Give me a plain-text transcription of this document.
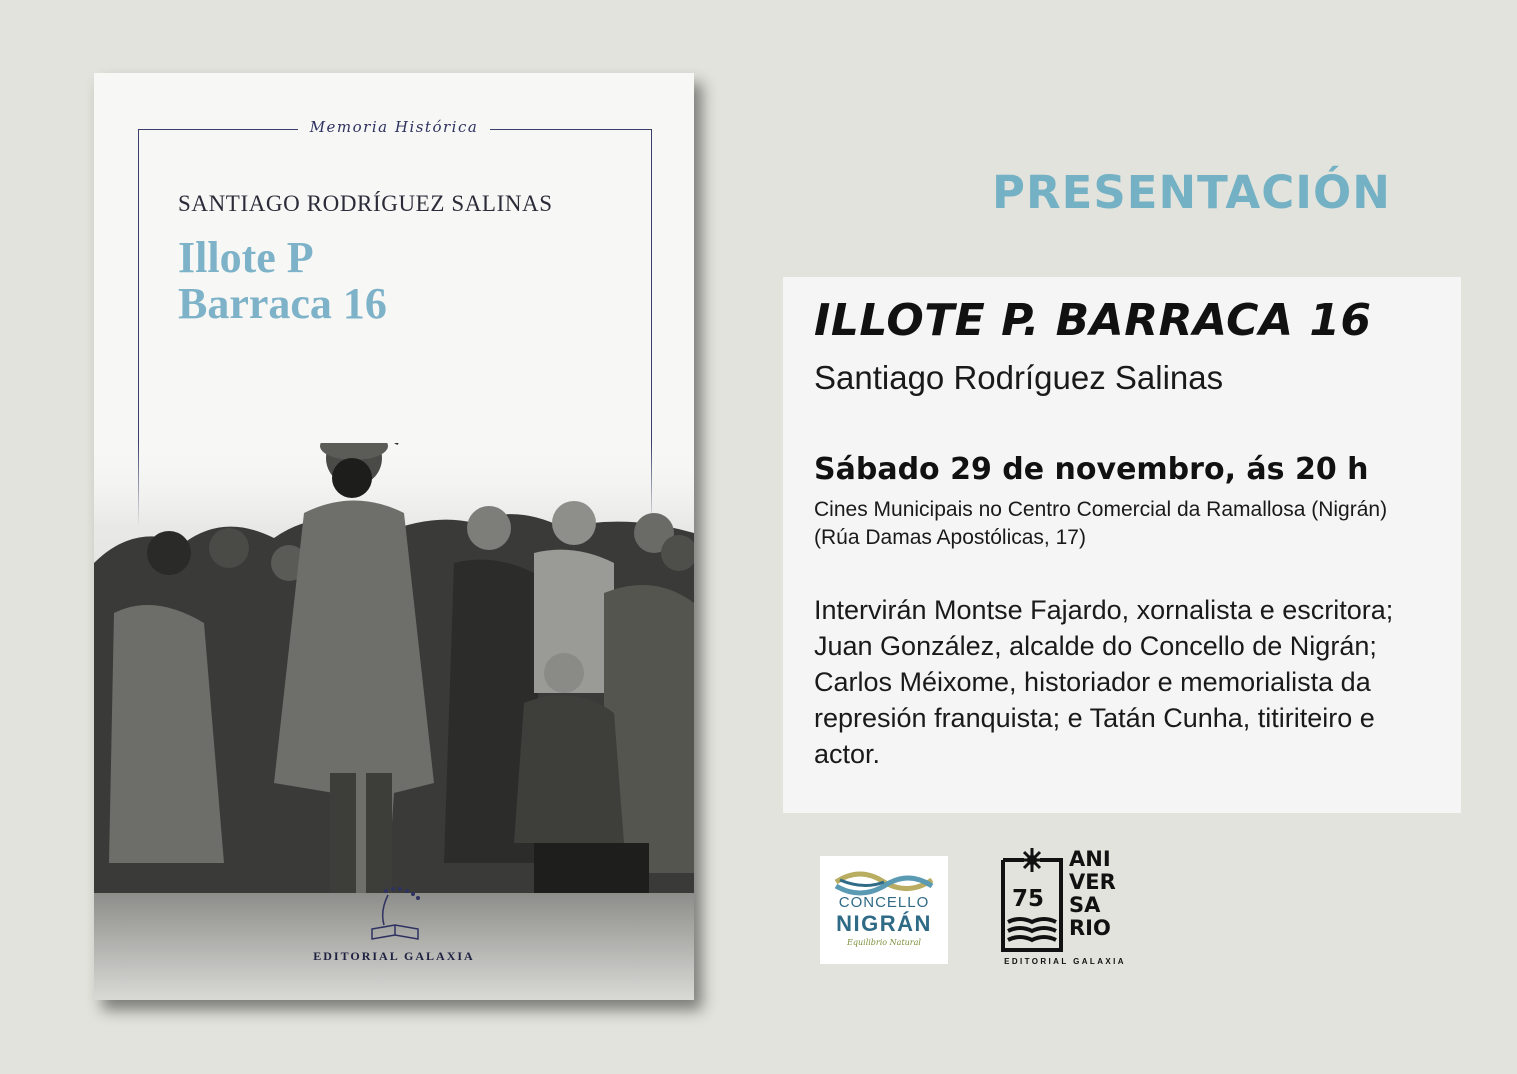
Memoria Histórica
SANTIAGO RODRÍGUEZ SALINAS
Illote P
Barraca 16
EDITORIAL GALAXIA
PRESENTACIÓN
ILLOTE P. BARRACA 16
Santiago Rodríguez Salinas
Sábado 29 de novembro, ás 20 h
Cines Municipais no Centro Comercial da Ramallosa (Nigrán)
(Rúa Damas Apostólicas, 17)
Intervirán Montse Fajardo, xornalista e escritora; Juan González, alcalde do Concello de Nigrán; Carlos Méixome, historiador e memorialista da represión franquista; e Tatán Cunha, titiriteiro e actor.
CONCELLO
NIGRÁN
Equilibrio Natural
75
ANI
VER
SA
RIO
EDITORIAL GALAXIA
